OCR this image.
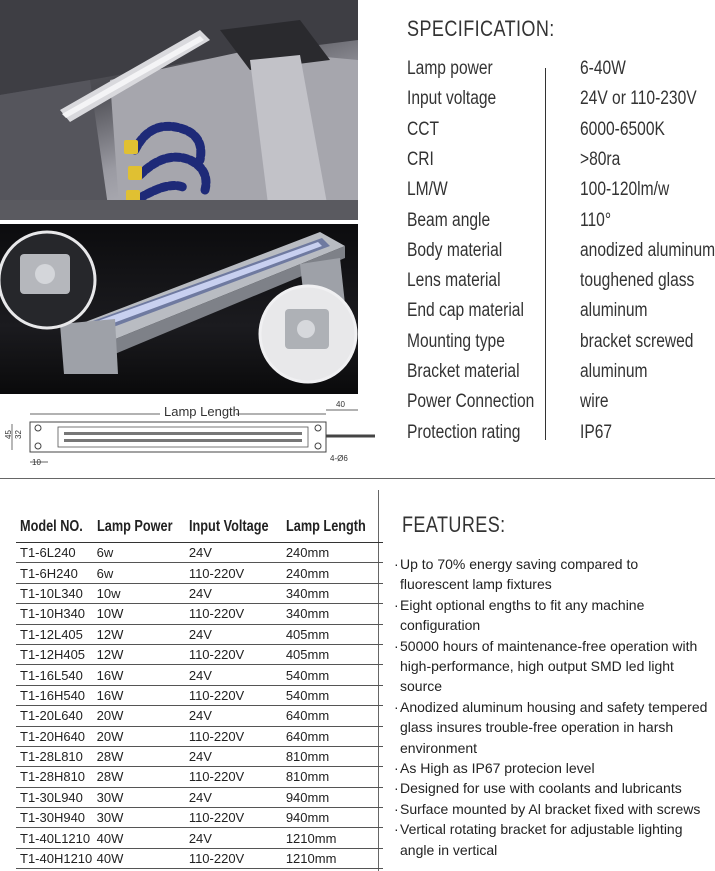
Lamp Length	40
45 32
10	4-Ø6
SPECIFICATION:
Lamp power	6-40W
Input voltage	24V or 110-230V
CCT	6000-6500K
CRI	>80ra
LM/W	100-120lm/w
Beam angle	110°
Body material	anodized aluminum
Lens material	toughened glass
End cap material	aluminum
Mounting type	bracket screwed
Bracket material	aluminum
Power Connection wire
Protection rating	IP67
Model NO.	Lamp Power	Input Voltage	Lamp Length
T1-6L240	6w	24V	240mm
T1-6H240	6w	110-220V	240mm
T1-10L340	10w	24V	340mm
T1-10H340	10W	110-220V	340mm
T1-12L405	12W	24V	405mm
T1-12H405	12W	110-220V	405mm
T1-16L540	16W	24V	540mm
T1-16H540	16W	110-220V	540mm
T1-20L640	20W	24V	640mm
T1-20H640	20W	110-220V	640mm
T1-28L810	28W	24V	810mm
T1-28H810	28W	110-220V	810mm
T1-30L940	30W	24V	940mm
T1-30H940	30W	110-220V	940mm
T1-40L1210	40W	24V	1210mm
T1-40H1210	40W	110-220V	1210mm
FEATURES:
· Up to 70% energy saving compared to fluorescent lamp fixtures
· Eight optional engths to fit any machine configuration
· 50000 hours of maintenance-free operation with high-performance, high output SMD led light source
· Anodized aluminum housing and safety tempered glass insures trouble-free operation in harsh environment
· As High as IP67 protecion level
· Designed for use with coolants and lubricants
· Surface mounted by Al bracket fixed with screws
· Vertical rotating bracket for adjustable lighting angle in vertical
